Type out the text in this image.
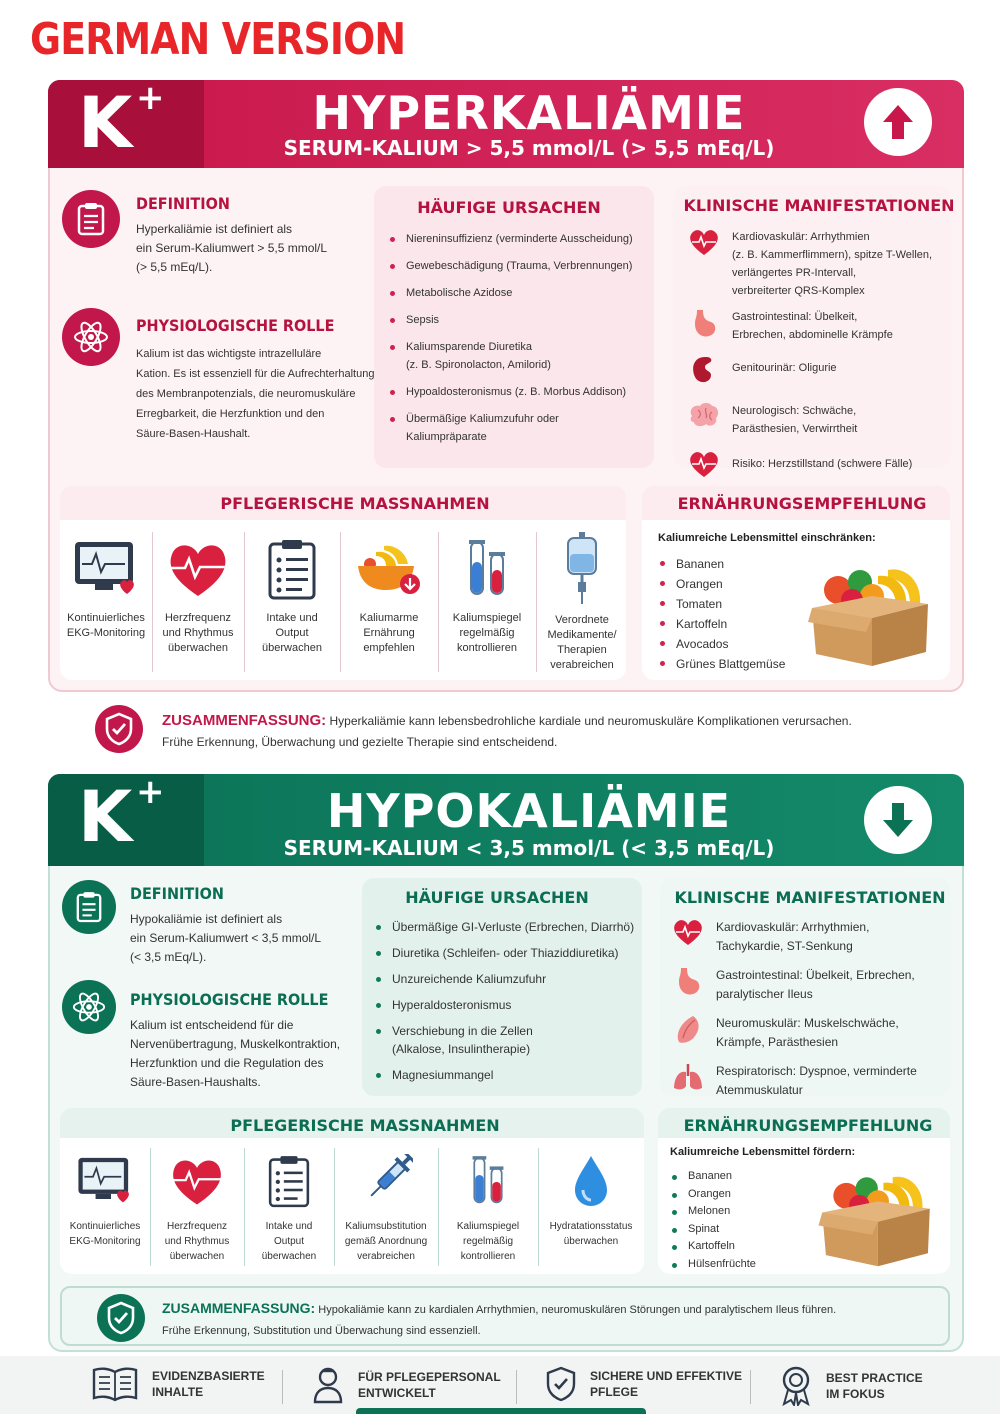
GERMAN VERSION
K +	HYPERKALIÄMIE
SERUM-KALIUM > 5,5 mmol/L (> 5,5 mEq/L)
DEFINITION
Hyperkaliämie ist definiert als
ein Serum-Kaliumwert > 5,5 mmol/L
(> 5,5 mEq/L).
PHYSIOLOGISCHE ROLLE
Kalium ist das wichtigste intrazelluläre
Kation. Es ist essenziell für die Aufrechterhaltung
des Membranpotenzials, die neuromuskuläre
Erregbarkeit, die Herzfunktion und den
Säure-Basen-Haushalt.
HÄUFIGE URSACHEN
Niereninsuffizienz (verminderte Ausscheidung)
Gewebeschädigung (Trauma, Verbrennungen)
Metabolische Azidose
Sepsis
Kaliumsparende Diuretika
(z. B. Spironolacton, Amilorid)
Hypoaldosteronismus (z. B. Morbus Addison)
Übermäßige Kaliumzufuhr oder
Kaliumpräparate
KLINISCHE MANIFESTATIONEN
Kardiovaskulär: Arrhythmien
(z. B. Kammerflimmern), spitze T-Wellen,
verlängertes PR-Intervall,
verbreiterter QRS-Komplex
Gastrointestinal: Übelkeit,
Erbrechen, abdominelle Krämpfe
Genitourinär: Oligurie
Neurologisch: Schwäche,
Parästhesien, Verwirrtheit
Risiko: Herzstillstand (schwere Fälle)
PFLEGERISCHE MASSNAHMEN
Kontinuierliches
EKG-Monitoring
Herzfrequenz
und Rhythmus
überwachen
Intake und
Output
überwachen
Kaliumarme
Ernährung
empfehlen
Kaliumspiegel
regelmäßig
kontrollieren
Verordnete
Medikamente/
Therapien
verabreichen
ERNÄHRUNGSEMPFEHLUNG
Kaliumreiche Lebensmittel einschränken:
Bananen
Orangen
Tomaten
Kartoffeln
Avocados
Grünes Blattgemüse
ZUSAMMENFASSUNG: Hyperkaliämie kann lebensbedrohliche kardiale und neuromuskuläre Komplikationen verursachen.
Frühe Erkennung, Überwachung und gezielte Therapie sind entscheidend.
K +	HYPOKALIÄMIE
SERUM-KALIUM < 3,5 mmol/L (< 3,5 mEq/L)
DEFINITION
Hypokaliämie ist definiert als
ein Serum-Kaliumwert < 3,5 mmol/L
(< 3,5 mEq/L).
PHYSIOLOGISCHE ROLLE
Kalium ist entscheidend für die
Nervenübertragung, Muskelkontraktion,
Herzfunktion und die Regulation des
Säure-Basen-Haushalts.
HÄUFIGE URSACHEN
Übermäßige GI-Verluste (Erbrechen, Diarrhö)
Diuretika (Schleifen- oder Thiaziddiuretika)
Unzureichende Kaliumzufuhr
Hyperaldosteronismus
Verschiebung in die Zellen
(Alkalose, Insulintherapie)
Magnesiummangel
KLINISCHE MANIFESTATIONEN
Kardiovaskulär: Arrhythmien,
Tachykardie, ST-Senkung
Gastrointestinal: Übelkeit, Erbrechen,
paralytischer Ileus
Neuromuskulär: Muskelschwäche,
Krämpfe, Parästhesien
Respiratorisch: Dyspnoe, verminderte
Atemmuskulatur
PFLEGERISCHE MASSNAHMEN
Kontinuierliches
EKG-Monitoring
Herzfrequenz
und Rhythmus
überwachen
Intake und
Output
überwachen
Kaliumsubstitution
gemäß Anordnung
verabreichen
Kaliumspiegel
regelmäßig
kontrollieren
Hydratationsstatus
überwachen
ERNÄHRUNGSEMPFEHLUNG
Kaliumreiche Lebensmittel fördern:
Bananen
Orangen
Melonen
Spinat
Kartoffeln
Hülsenfrüchte
ZUSAMMENFASSUNG: Hypokaliämie kann zu kardialen Arrhythmien, neuromuskulären Störungen und paralytischem Ileus führen.
Frühe Erkennung, Substitution und Überwachung sind essenziell.
EVIDENZBASIERTE
INHALTE
FÜR PFLEGEPERSONAL
ENTWICKELT
SICHERE UND EFFEKTIVE
PFLEGE
BEST PRACTICE
IM FOKUS
